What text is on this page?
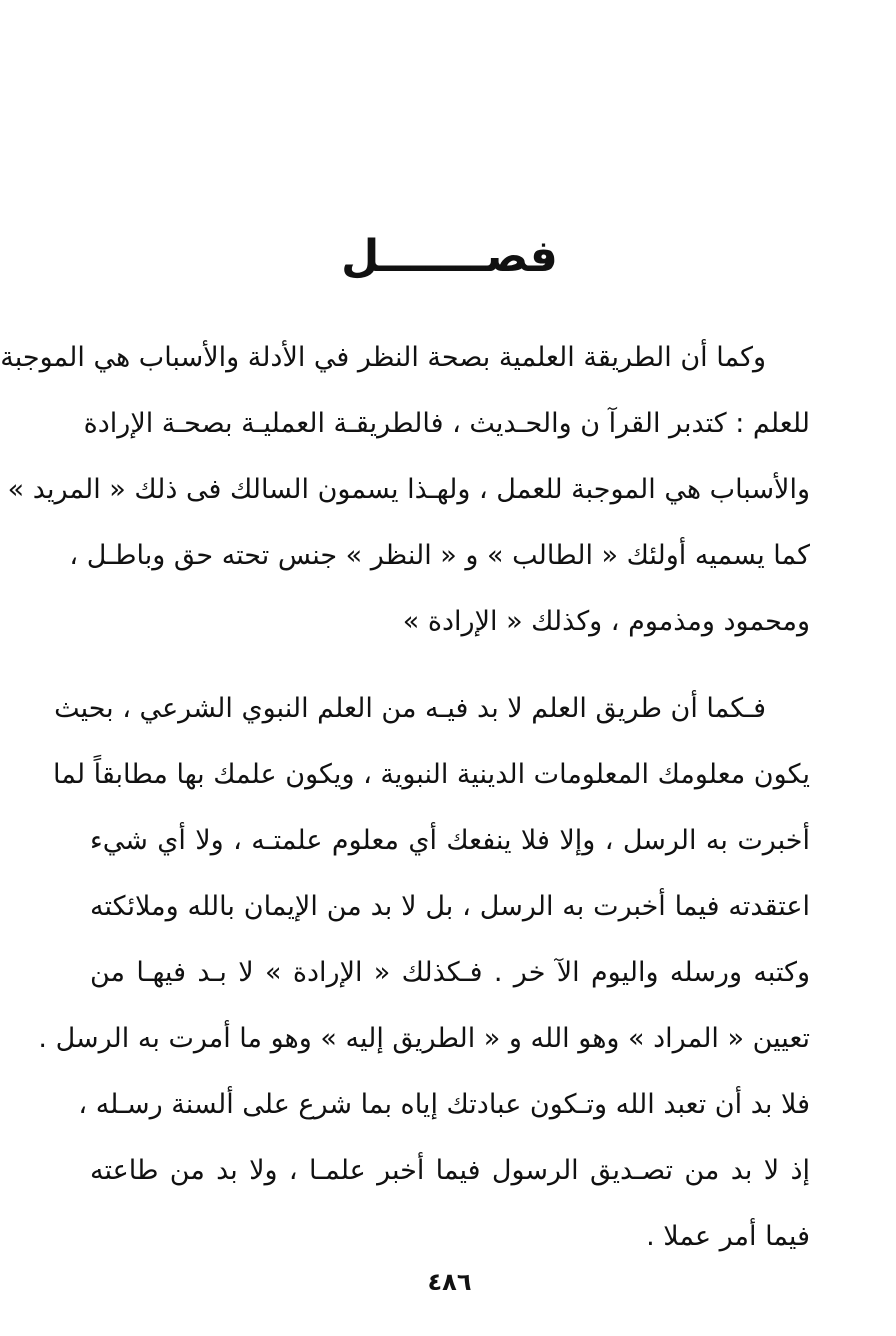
فصـــــــل
وكما أن الطريقة العلمية بصحة النظر في الأدلة والأسباب هي الموجبة
للعلم : كتدبر القرآ ن والحـديث ، فالطريقـة العمليـة بصحـة الإرادة
والأسباب هي الموجبة للعمل ، ولهـذا يسمون السالك فى ذلك « المريد »
كما يسميه أولئك « الطالب » و « النظر » جنس تحته حق وباطـل ،
ومحمود ومذموم ، وكذلك « الإرادة »
فـكما أن طريق العلم لا بد فيـه من العلم النبوي الشرعي ، بحيث
يكون معلومك المعلومات الدينية النبوية ، ويكون علمك بها مطابقاً لما
أخبرت به الرسل ، وإلا فلا ينفعك أي معلوم علمتـه ، ولا أي شيء
اعتقدته فيما أخبرت به الرسل ، بل لا بد من الإيمان بالله وملائكته
وكتبه ورسله واليوم الآ خر . فـكذلك « الإرادة » لا بـد فيهـا من
تعيين « المراد » وهو الله و « الطريق إليه » وهو ما أمرت به الرسل .
فلا بد أن تعبد الله وتـكون عبادتك إياه بما شرع على ألسنة رسـله ،
إذ لا بد من تصـديق الرسول فيما أخبر علمـا ، ولا بد من طاعته
فيما أمر عملا .
٤٨٦
